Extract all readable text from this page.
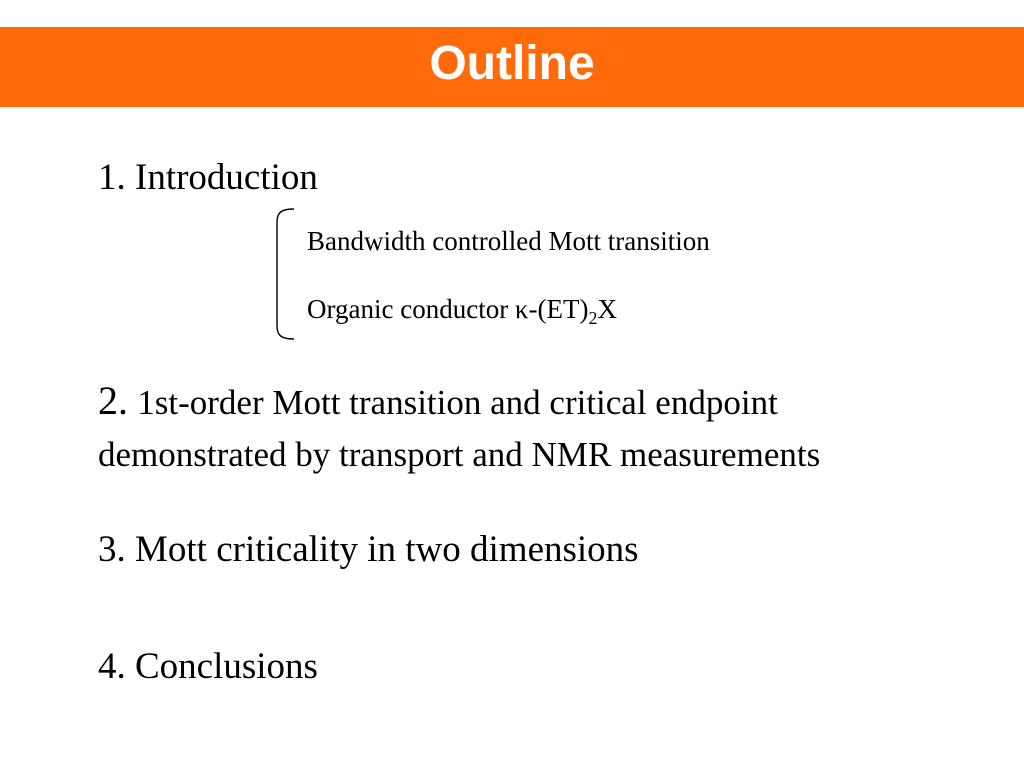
Outline
1. Introduction
Bandwidth controlled Mott transition
Organic conductor $\kappa-(ET)_2X$
2. 1st-order Mott transition and critical endpoint
demonstrated by transport and NMR measurements
3. Mott criticality in two dimensions
4. Conclusions
